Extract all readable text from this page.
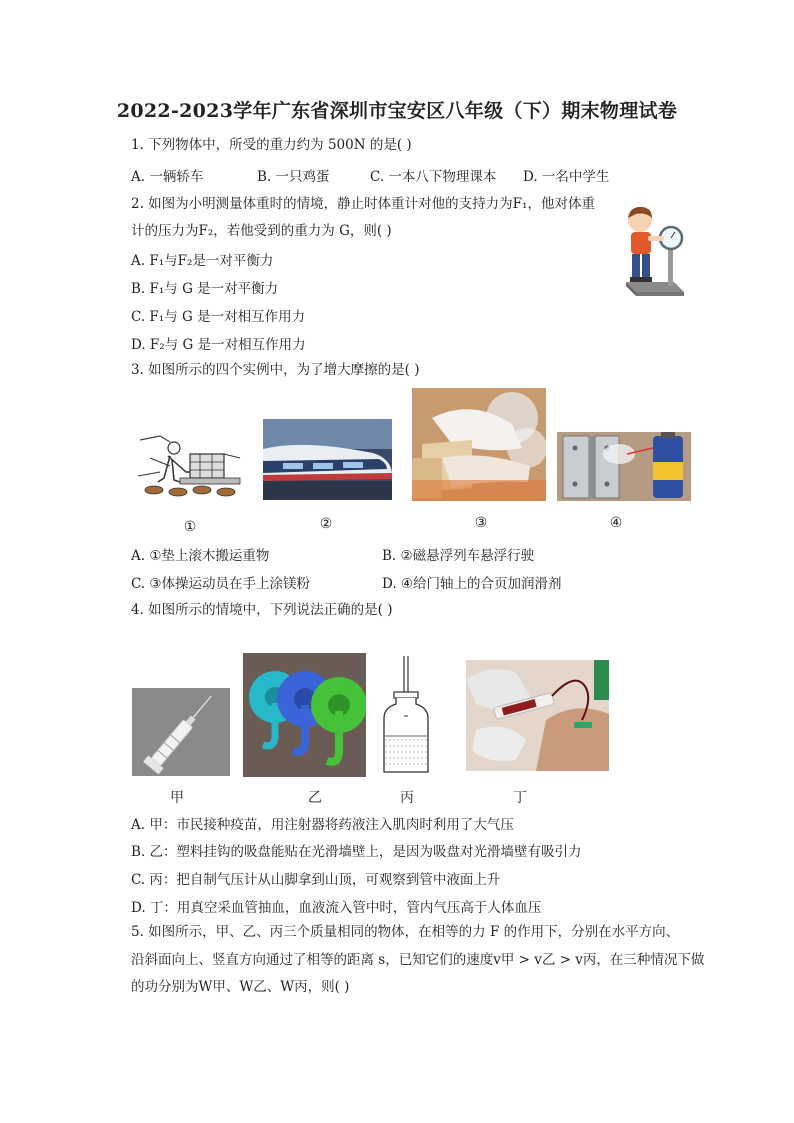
2022-2023学年广东省深圳市宝安区八年级（下）期末物理试卷
1. 下列物体中，所受的重力约为 500N 的是( )
A. 一辆轿车	B. 一只鸡蛋	C. 一本八下物理课本 D. 一名中学生
2. 如图为小明测量体重时的情境，静止时体重计对他的支持力为F₁，他对体重
计的压力为F₂，若他受到的重力为 G，则( )
A. F₁与F₂是一对平衡力
B. F₁与 G 是一对平衡力
C. F₁与 G 是一对相互作用力
D. F₂与 G 是一对相互作用力
3. 如图所示的四个实例中，为了增大摩擦的是( )
①	②	③	④
A. ①垫上滚木搬运重物	B. ②磁悬浮列车悬浮行驶
C. ③体操运动员在手上涂镁粉	D. ④给门轴上的合页加润滑剂
4. 如图所示的情境中，下列说法正确的是( )
甲	乙	丙	丁
A. 甲：市民接种疫苗，用注射器将药液注入肌肉时利用了大气压
B. 乙：塑料挂钩的吸盘能贴在光滑墙壁上，是因为吸盘对光滑墙壁有吸引力
C. 丙：把自制气压计从山脚拿到山顶，可观察到管中液面上升
D. 丁：用真空采血管抽血，血液流入管中时，管内气压高于人体血压
5. 如图所示，甲、乙、丙三个质量相同的物体，在相等的力 F 的作用下，分别在水平方向、
沿斜面向上、竖直方向通过了相等的距离 s，已知它们的速度v甲 > v乙 > v丙，在三种情况下做
的功分别为W甲、W乙、W丙，则( )
